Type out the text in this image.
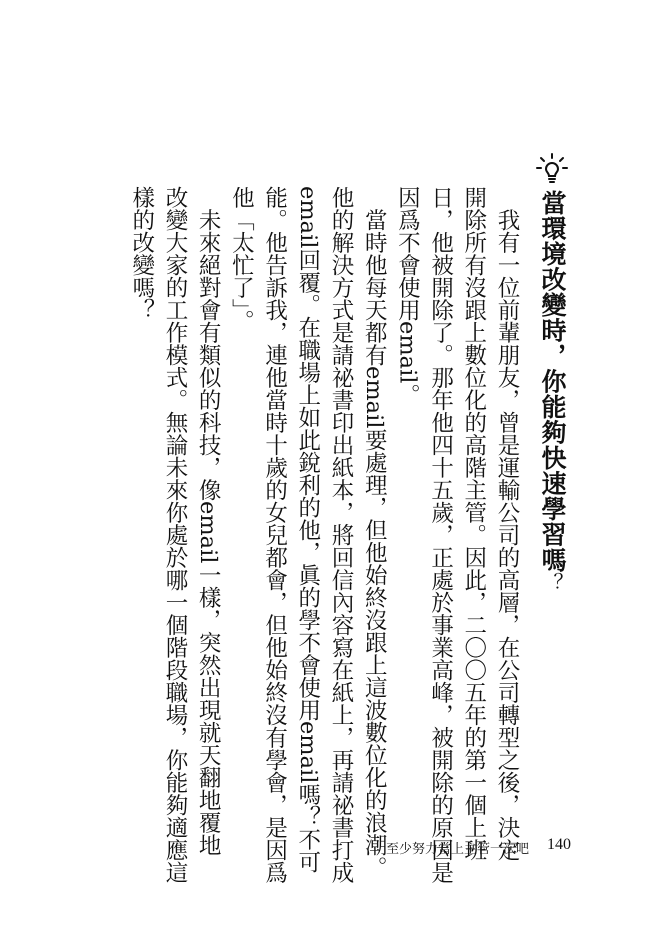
當環境改變時，你能夠快速學習嗎？
　我有一位前輩朋友，曾是運輸公司的高層，在公司轉型之後，決定
開除所有沒跟上數位化的高階主管。因此，二〇〇五年的第一個上班
日，他被開除了。那年他四十五歲，正處於事業高峰，被開除的原因是
因爲不會使用email。
　當時他每天都有email要處理，但他始終沒跟上這波數位化的浪潮。
他的解決方式是請祕書印出紙本，將回信內容寫在紙上，再請祕書打成
email回覆。在職場上如此銳利的他，眞的學不會使用email嗎？不可
能。他告訴我，連他當時十歲的女兒都會，但他始終沒有學會，是因爲
他「太忙了」。
　未來絕對會有類似的科技，像email一樣，突然出現就天翻地覆地
改變大家的工作模式。無論未來你處於哪一個階段職場，你能夠適應這
樣的改變嗎？
至少努力當上主管一次吧 140
